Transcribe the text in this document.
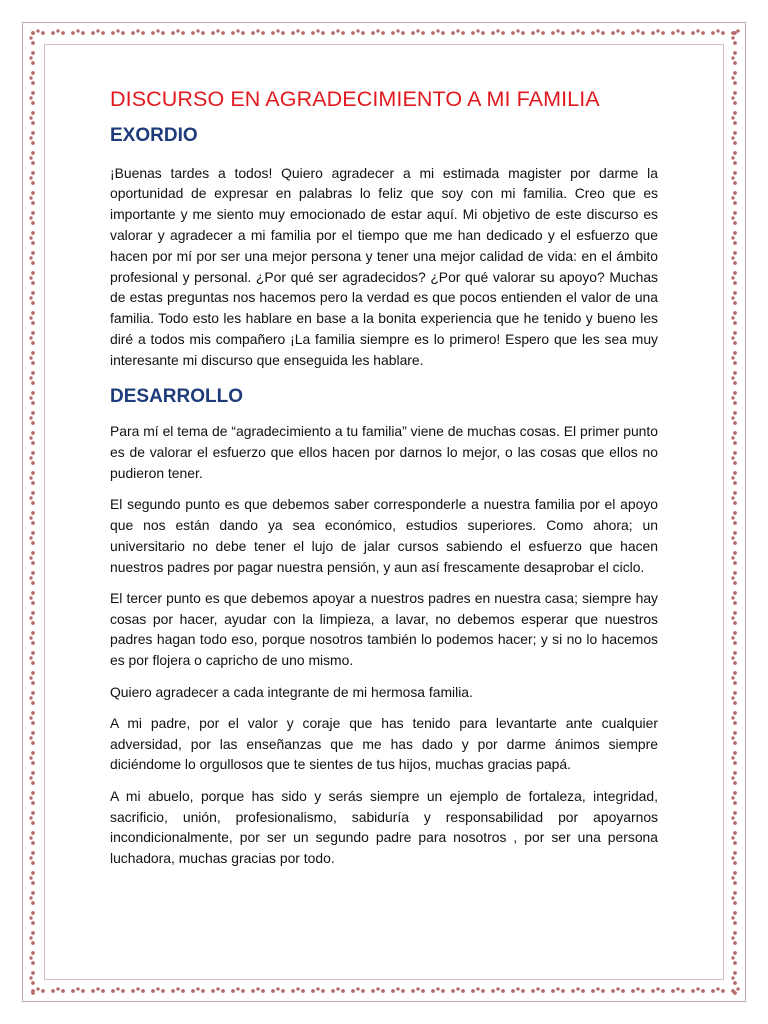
DISCURSO EN AGRADECIMIENTO A MI FAMILIA
EXORDIO

¡Buenas tardes a todos! Quiero agradecer a mi estimada magister por darme la oportunidad de expresar en palabras lo feliz que soy con mi familia. Creo que es importante y me siento muy emocionado de estar aquí. Mi objetivo de este discurso es valorar y agradecer a mi familia por el tiempo que me han dedicado y el esfuerzo que hacen por mí por ser una mejor persona y tener una mejor calidad de vida: en el ámbito profesional y personal. ¿Por qué ser agradecidos? ¿Por qué valorar su apoyo? Muchas de estas preguntas nos hacemos pero la verdad es que pocos entienden el valor de una familia. Todo esto les hablare en base a la bonita experiencia que he tenido y bueno les diré a todos mis compañero ¡La familia siempre es lo primero! Espero que les sea muy interesante mi discurso que enseguida les hablare.

DESARROLLO

Para mí el tema de “agradecimiento a tu familia” viene de muchas cosas. El primer punto es de valorar el esfuerzo que ellos hacen por darnos lo mejor, o las cosas que ellos no pudieron tener.

El segundo punto es que debemos saber corresponderle a nuestra familia por el apoyo que nos están dando ya sea económico, estudios superiores. Como ahora; un universitario no debe tener el lujo de jalar cursos sabiendo el esfuerzo que hacen nuestros padres por pagar nuestra pensión, y aun así frescamente desaprobar el ciclo.

El tercer punto es que debemos apoyar a nuestros padres en nuestra casa; siempre hay cosas por hacer, ayudar con la limpieza, a lavar, no debemos esperar que nuestros padres hagan todo eso, porque nosotros también lo podemos hacer; y si no lo hacemos es por flojera o capricho de uno mismo.

Quiero agradecer a cada integrante de mi hermosa familia.

A mi padre, por el valor y coraje que has tenido para levantarte ante cualquier adversidad, por las enseñanzas que me has dado y por darme ánimos siempre diciéndome lo orgullosos que te sientes de tus hijos, muchas gracias papá.

A mi abuelo, porque has sido y serás siempre un ejemplo de fortaleza, integridad, sacrificio, unión, profesionalismo, sabiduría y responsabilidad por apoyarnos incondicionalmente, por ser un segundo padre para nosotros , por ser una persona luchadora, muchas gracias por todo.
